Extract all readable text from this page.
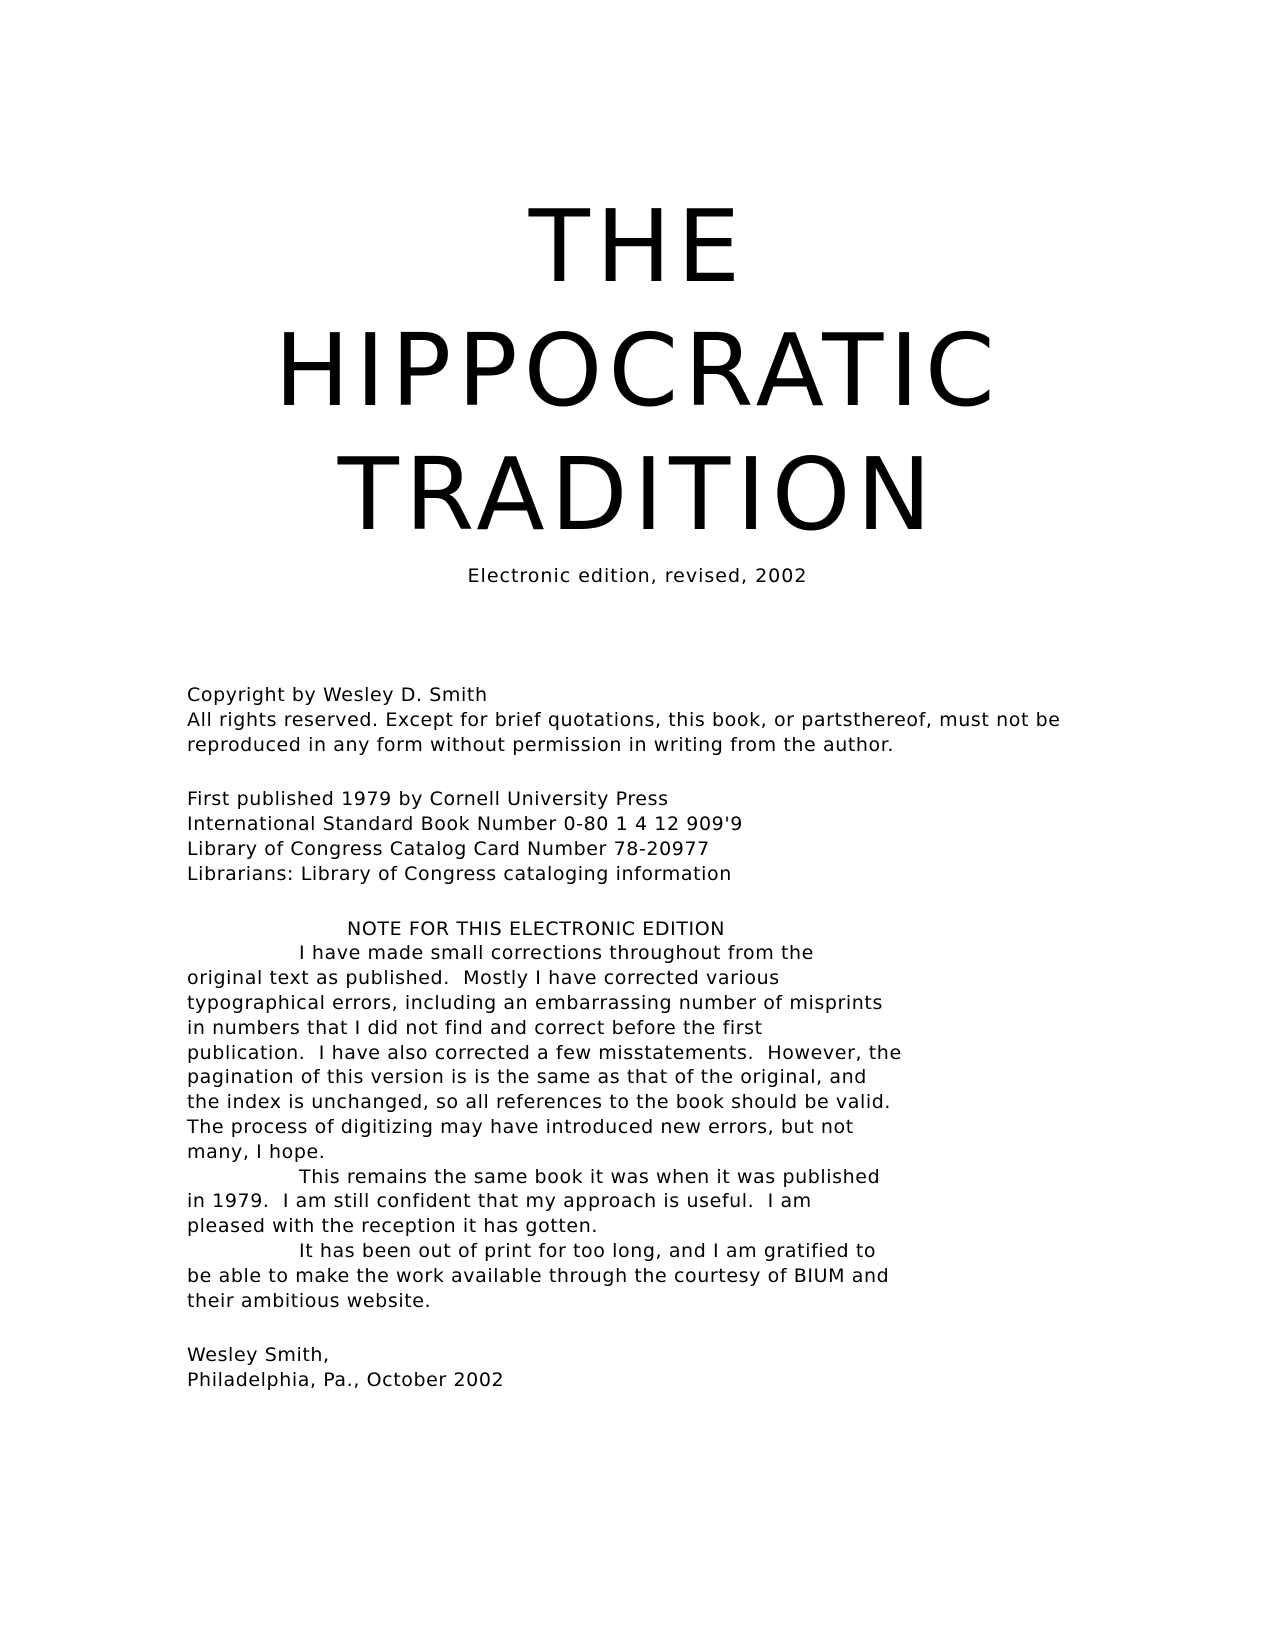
THE
HIPPOCRATIC
TRADITION
Electronic edition, revised, 2002
Copyright by Wesley D. Smith
All rights reserved. Except for brief quotations, this book, or partsthereof, must not be
reproduced in any form without permission in writing from the author.
First published 1979 by Cornell University Press
International Standard Book Number 0-80 1 4 12 909'9
Library of Congress Catalog Card Number 78-20977
Librarians: Library of Congress cataloging information
NOTE FOR THIS ELECTRONIC EDITION
I have made small corrections throughout from the
original text as published.  Mostly I have corrected various
typographical errors, including an embarrassing number of misprints
in numbers that I did not find and correct before the first
publication.  I have also corrected a few misstatements.  However, the
pagination of this version is is the same as that of the original, and
the index is unchanged, so all references to the book should be valid.
The process of digitizing may have introduced new errors, but not
many, I hope.
This remains the same book it was when it was published
in 1979.  I am still confident that my approach is useful.  I am
pleased with the reception it has gotten.
It has been out of print for too long, and I am gratified to
be able to make the work available through the courtesy of BIUM and
their ambitious website.
Wesley Smith,
Philadelphia, Pa., October 2002
